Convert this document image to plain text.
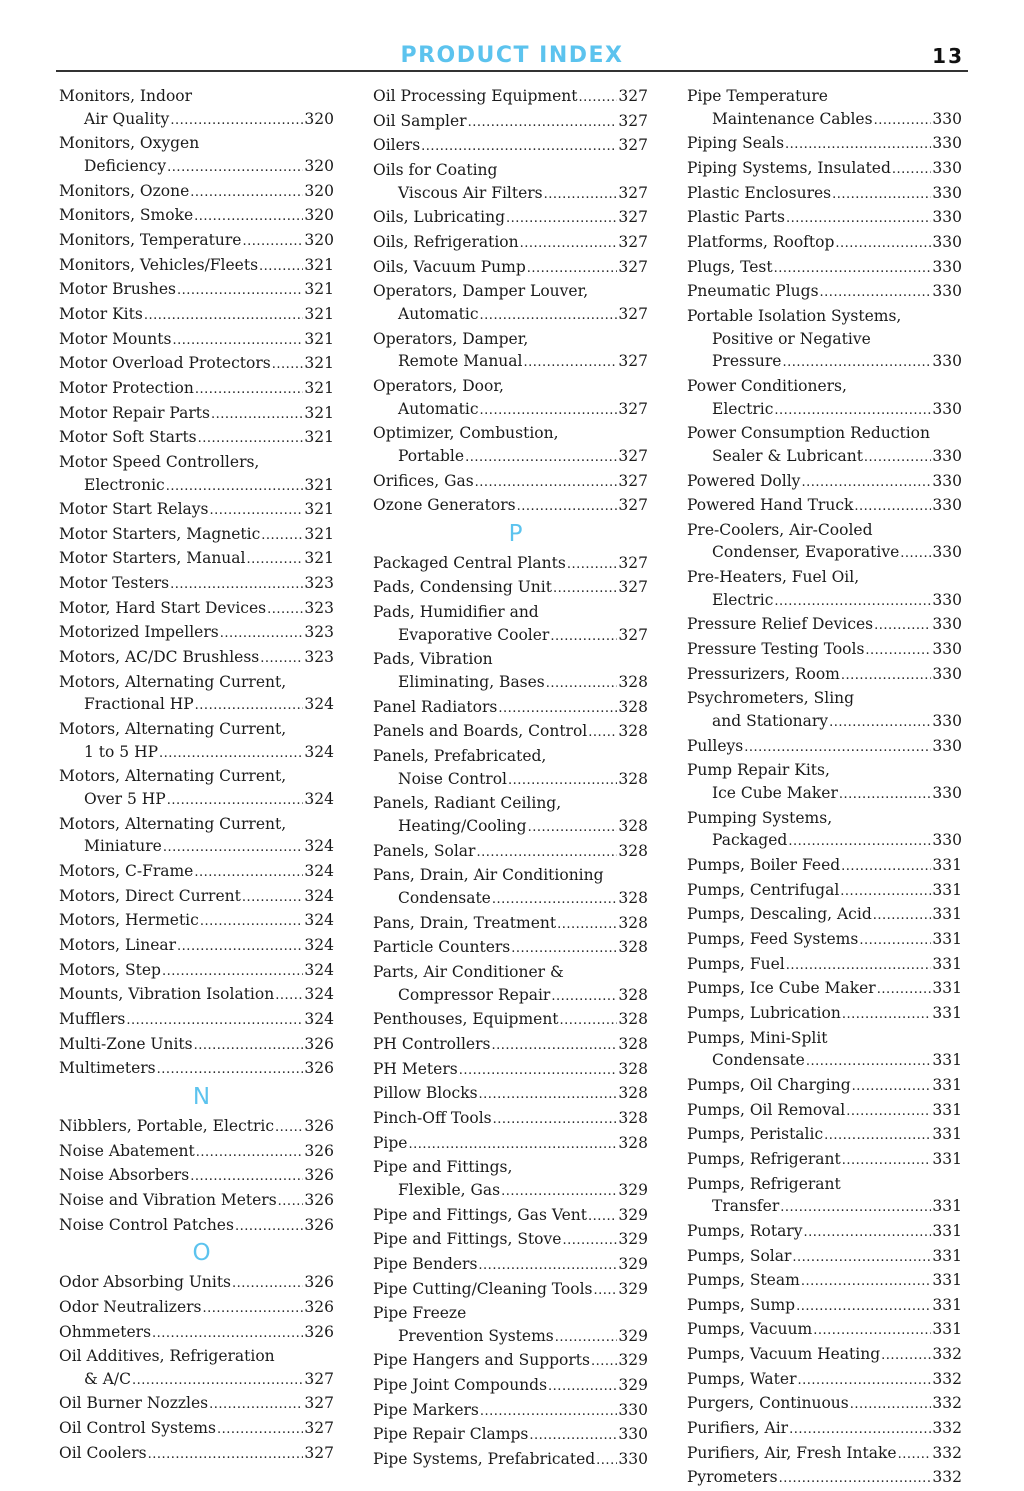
PRODUCT INDEX	13
Monitors, Indoor
Air Quality .....	320
Monitors, Oxygen
Deficiency .....	320
Monitors, Ozone .....	320
Monitors, Smoke .....	320
Monitors, Temperature .....	320
Monitors, Vehicles/Fleets .....	321
Motor Brushes .....	321
Motor Kits .....	321
Motor Mounts .....	321
Motor Overload Protectors ..... 321
Motor Protection .....	321
Motor Repair Parts .....	321
Motor Soft Starts .....	321
Motor Speed Controllers,
Electronic .....	321
Motor Start Relays .....	321
Motor Starters, Magnetic .....	321
Motor Starters, Manual .....	321
Motor Testers .....	323
Motor, Hard Start Devices ..... 323
Motorized Impellers .....	323
Motors, AC/DC Brushless .....	323
Motors, Alternating Current,
Fractional HP .....	324
Motors, Alternating Current,
1 to 5 HP .....	324
Motors, Alternating Current,
Over 5 HP .....	324
Motors, Alternating Current,
Miniature .....	324
Motors, C-Frame .....	324
Motors, Direct Current .....	324
Motors, Hermetic .....	324
Motors, Linear .....	324
Motors, Step .....	324
Mounts, Vibration Isolation ..... 324
Mufflers .....	324
Multi-Zone Units .....	326
Multimeters .....	326
N
Nibblers, Portable, Electric ..... 326
Noise Abatement .....	326
Noise Absorbers .....	326
Noise and Vibration Meters ..... 326
Noise Control Patches .....	326
O
Odor Absorbing Units .....	326
Odor Neutralizers .....	326
Ohmmeters .....	326
Oil Additives, Refrigeration
& A/C .....	327
Oil Burner Nozzles .....	327
Oil Control Systems .....	327
Oil Coolers .....	327
Oil Processing Equipment .....	327
Oil Sampler .....	327
Oilers .....	327
Oils for Coating
Viscous Air Filters .....	327
Oils, Lubricating .....	327
Oils, Refrigeration .....	327
Oils, Vacuum Pump .....	327
Operators, Damper Louver,
Automatic .....	327
Operators, Damper,
Remote Manual .....	327
Operators, Door,
Automatic .....	327
Optimizer, Combustion,
Portable .....	327
Orifices, Gas .....	327
Ozone Generators .....	327
P
Packaged Central Plants .....	327
Pads, Condensing Unit .....	327
Pads, Humidifier and
Evaporative Cooler .....	327
Pads, Vibration
Eliminating, Bases .....	328
Panel Radiators .....	328
Panels and Boards, Control ..... 328
Panels, Prefabricated,
Noise Control .....	328
Panels, Radiant Ceiling,
Heating/Cooling .....	328
Panels, Solar .....	328
Pans, Drain, Air Conditioning
Condensate .....	328
Pans, Drain, Treatment .....	328
Particle Counters .....	328
Parts, Air Conditioner &
Compressor Repair .....	328
Penthouses, Equipment .....	328
PH Controllers .....	328
PH Meters .....	328
Pillow Blocks .....	328
Pinch-Off Tools .....	328
Pipe .....	328
Pipe and Fittings,
Flexible, Gas .....	329
Pipe and Fittings, Gas Vent ..... 329
Pipe and Fittings, Stove .....	329
Pipe Benders .....	329
Pipe Cutting/Cleaning Tools ..... 329
Pipe Freeze
Prevention Systems .....	329
Pipe Hangers and Supports ..... 329
Pipe Joint Compounds .....	329
Pipe Markers .....	330
Pipe Repair Clamps .....	330
Pipe Systems, Prefabricated ..... 330
Pipe Temperature
Maintenance Cables .....	330
Piping Seals .....	330
Piping Systems, Insulated .....	330
Plastic Enclosures .....	330
Plastic Parts .....	330
Platforms, Rooftop .....	330
Plugs, Test .....	330
Pneumatic Plugs .....	330
Portable Isolation Systems,
Positive or Negative
Pressure .....	330
Power Conditioners,
Electric .....	330
Power Consumption Reduction
Sealer & Lubricant .....	330
Powered Dolly .....	330
Powered Hand Truck .....	330
Pre-Coolers, Air-Cooled
Condenser, Evaporative ..... 330
Pre-Heaters, Fuel Oil,
Electric .....	330
Pressure Relief Devices .....	330
Pressure Testing Tools .....	330
Pressurizers, Room .....	330
Psychrometers, Sling
and Stationary .....	330
Pulleys .....	330
Pump Repair Kits,
Ice Cube Maker .....	330
Pumping Systems,
Packaged .....	330
Pumps, Boiler Feed .....	331
Pumps, Centrifugal .....	331
Pumps, Descaling, Acid .....	331
Pumps, Feed Systems .....	331
Pumps, Fuel .....	331
Pumps, Ice Cube Maker .....	331
Pumps, Lubrication .....	331
Pumps, Mini-Split
Condensate .....	331
Pumps, Oil Charging .....	331
Pumps, Oil Removal .....	331
Pumps, Peristalic .....	331
Pumps, Refrigerant .....	331
Pumps, Refrigerant
Transfer .....	331
Pumps, Rotary .....	331
Pumps, Solar .....	331
Pumps, Steam .....	331
Pumps, Sump .....	331
Pumps, Vacuum .....	331
Pumps, Vacuum Heating .....	332
Pumps, Water .....	332
Purgers, Continuous .....	332
Purifiers, Air .....	332
Purifiers, Air, Fresh Intake ..... 332
Pyrometers .....	332
